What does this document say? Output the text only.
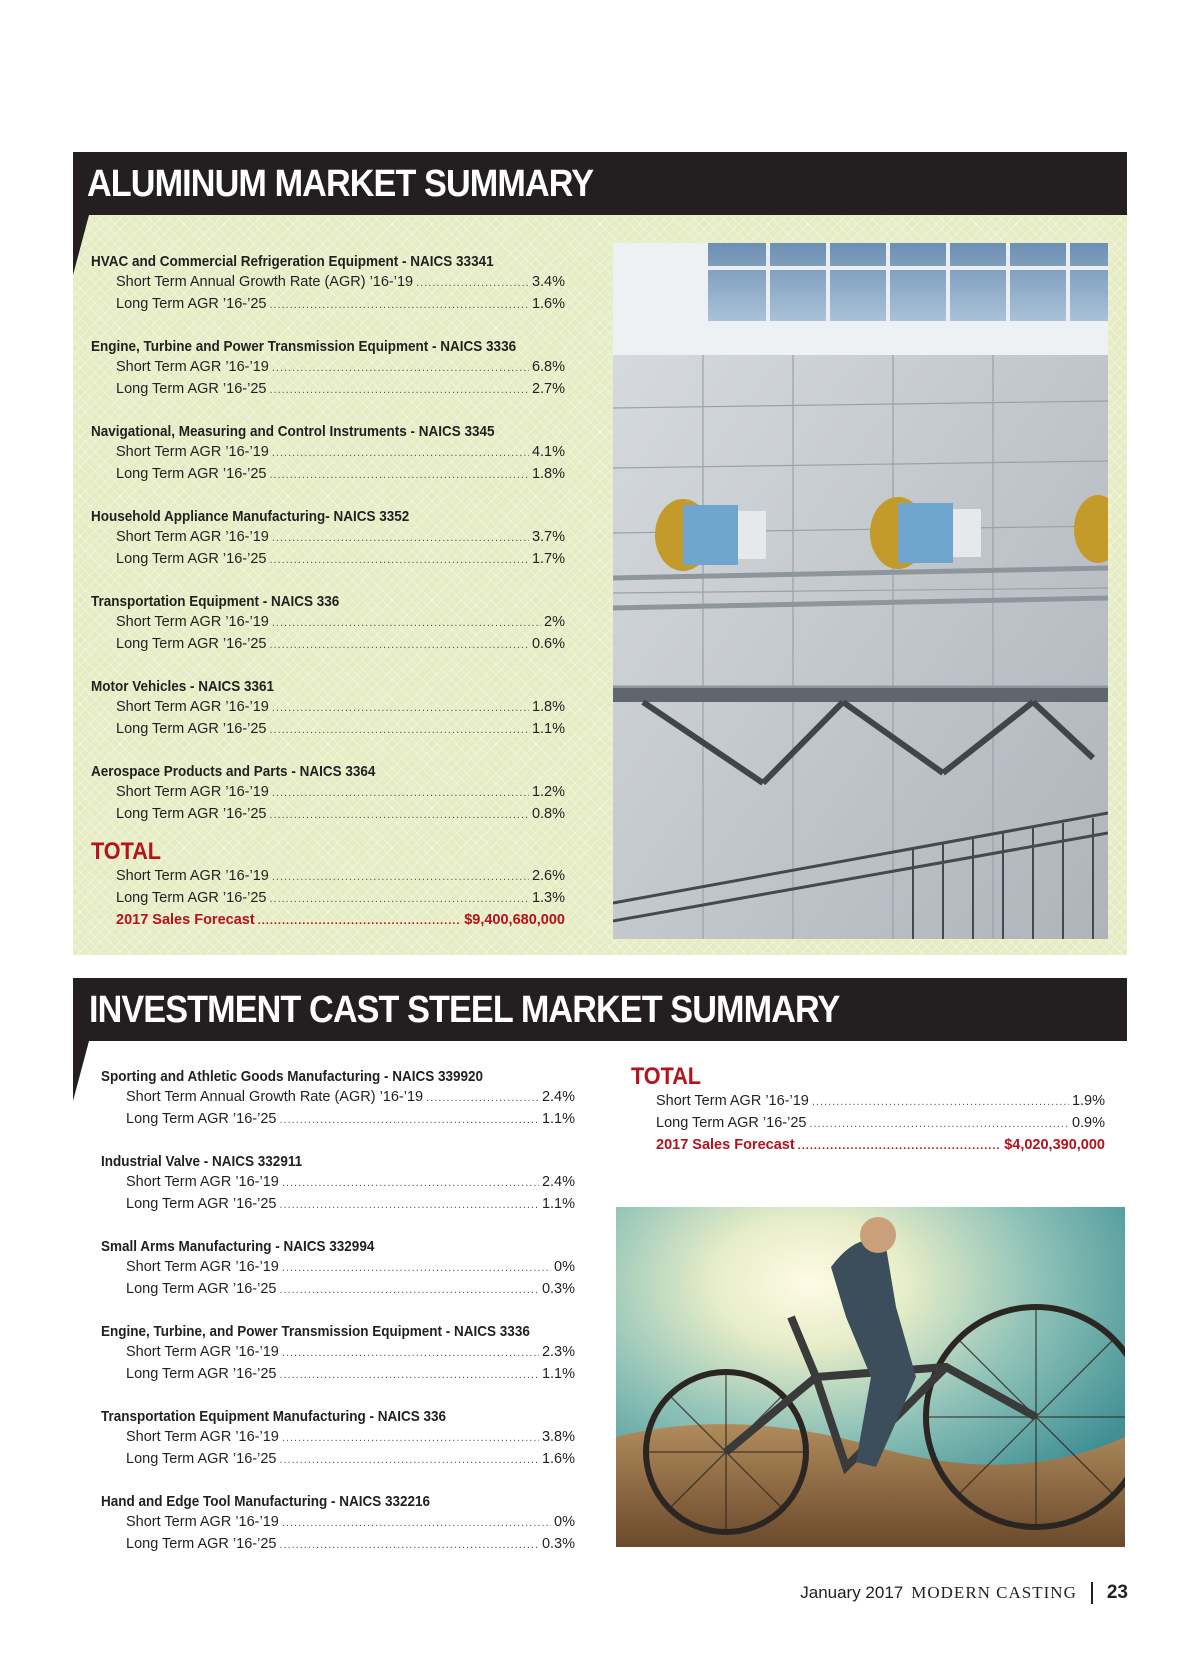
ALUMINUM MARKET SUMMARY
HVAC and Commercial Refrigeration Equipment - NAICS 33341
Short Term Annual Growth Rate (AGR) ’16-’19 .....	3.4%
Long Term AGR ’16-’25 .....	1.6%
Engine, Turbine and Power Transmission Equipment - NAICS 3336
Short Term AGR ’16-’19 .....	6.8%
Long Term AGR ’16-’25 .....	2.7%
Navigational, Measuring and Control Instruments - NAICS 3345
Short Term AGR ’16-’19 .....	4.1%
Long Term AGR ’16-’25 .....	1.8%
Household Appliance Manufacturing- NAICS 3352
Short Term AGR ’16-’19 .....	3.7%
Long Term AGR ’16-’25 .....	1.7%
Transportation Equipment - NAICS 336
Short Term AGR ’16-’19 .....	2%
Long Term AGR ’16-’25 .....	0.6%
Motor Vehicles - NAICS 3361
Short Term AGR ’16-’19 .....	1.8%
Long Term AGR ’16-’25 .....	1.1%
Aerospace Products and Parts - NAICS 3364
Short Term AGR ’16-’19 .....	1.2%
Long Term AGR ’16-’25 .....	0.8%
TOTAL
Short Term AGR ’16-’19 .....	2.6%
Long Term AGR ’16-’25 .....	1.3%
2017 Sales Forecast .....	$9,400,680,000
INVESTMENT CAST STEEL MARKET SUMMARY
Sporting and Athletic Goods Manufacturing - NAICS 339920
Short Term Annual Growth Rate (AGR) ’16-’19 .....	2.4%
Long Term AGR ’16-’25 .....	1.1%
Industrial Valve - NAICS 332911
Short Term AGR ’16-’19 .....	2.4%
Long Term AGR ’16-’25 .....	1.1%
Small Arms Manufacturing - NAICS 332994
Short Term AGR ’16-’19 .....	0%
Long Term AGR ’16-’25 .....	0.3%
Engine, Turbine, and Power Transmission Equipment - NAICS 3336
Short Term AGR ’16-’19 .....	2.3%
Long Term AGR ’16-’25 .....	1.1%
Transportation Equipment Manufacturing - NAICS 336
Short Term AGR ’16-’19 .....	3.8%
Long Term AGR ’16-’25 .....	1.6%
Hand and Edge Tool Manufacturing - NAICS 332216
Short Term AGR ’16-’19 .....	0%
Long Term AGR ’16-’25 .....	0.3%
TOTAL
Short Term AGR ’16-’19 .....	1.9%
Long Term AGR ’16-’25 .....	0.9%
2017 Sales Forecast .....	$4,020,390,000
January 2017 MODERN CASTING 23
